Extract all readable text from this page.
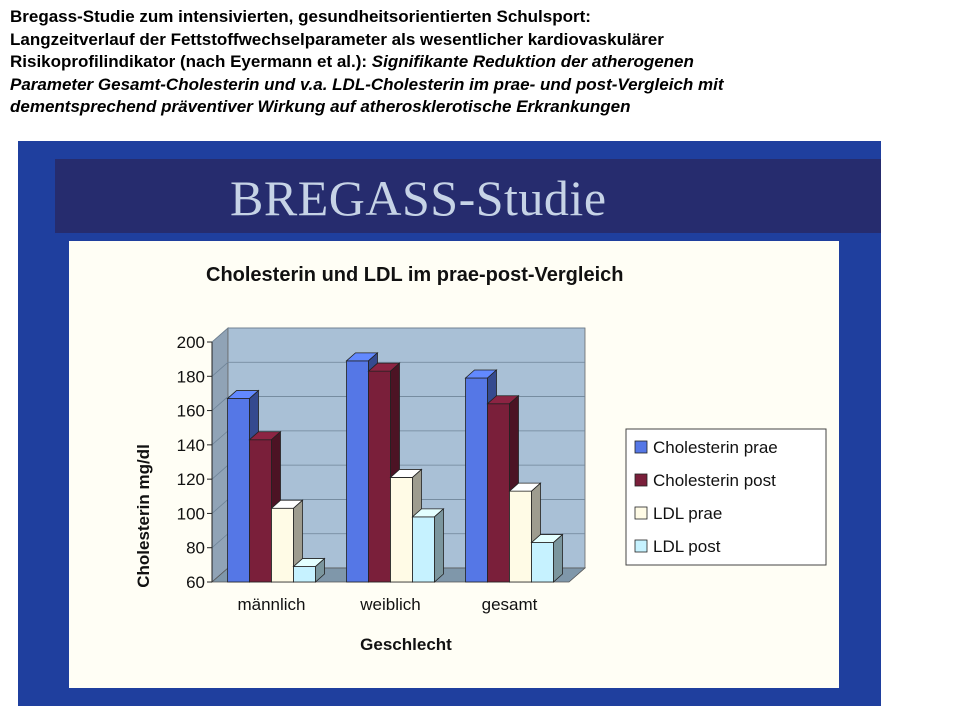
Bregass-Studie zum intensivierten, gesundheitsorientierten Schulsport:
Langzeitverlauf der Fettstoffwechselparameter als wesentlicher kardiovaskulärer
Risikoprofilindikator (nach Eyermann et al.): Signifikante Reduktion der atherogenen
Parameter Gesamt-Cholesterin und v.a. LDL-Cholesterin im prae- und post-Vergleich mit
dementsprechend präventiver Wirkung auf atherosklerotische Erkrankungen
BREGASS-Studie
Cholesterin und LDL im prae-post-Vergleich
60
80
100
120
140
160
180
200
männlich	weiblich	gesamt
Geschlecht
Cholesterin mg/dl	Cholesterin prae
Cholesterin post
LDL prae
LDL post
